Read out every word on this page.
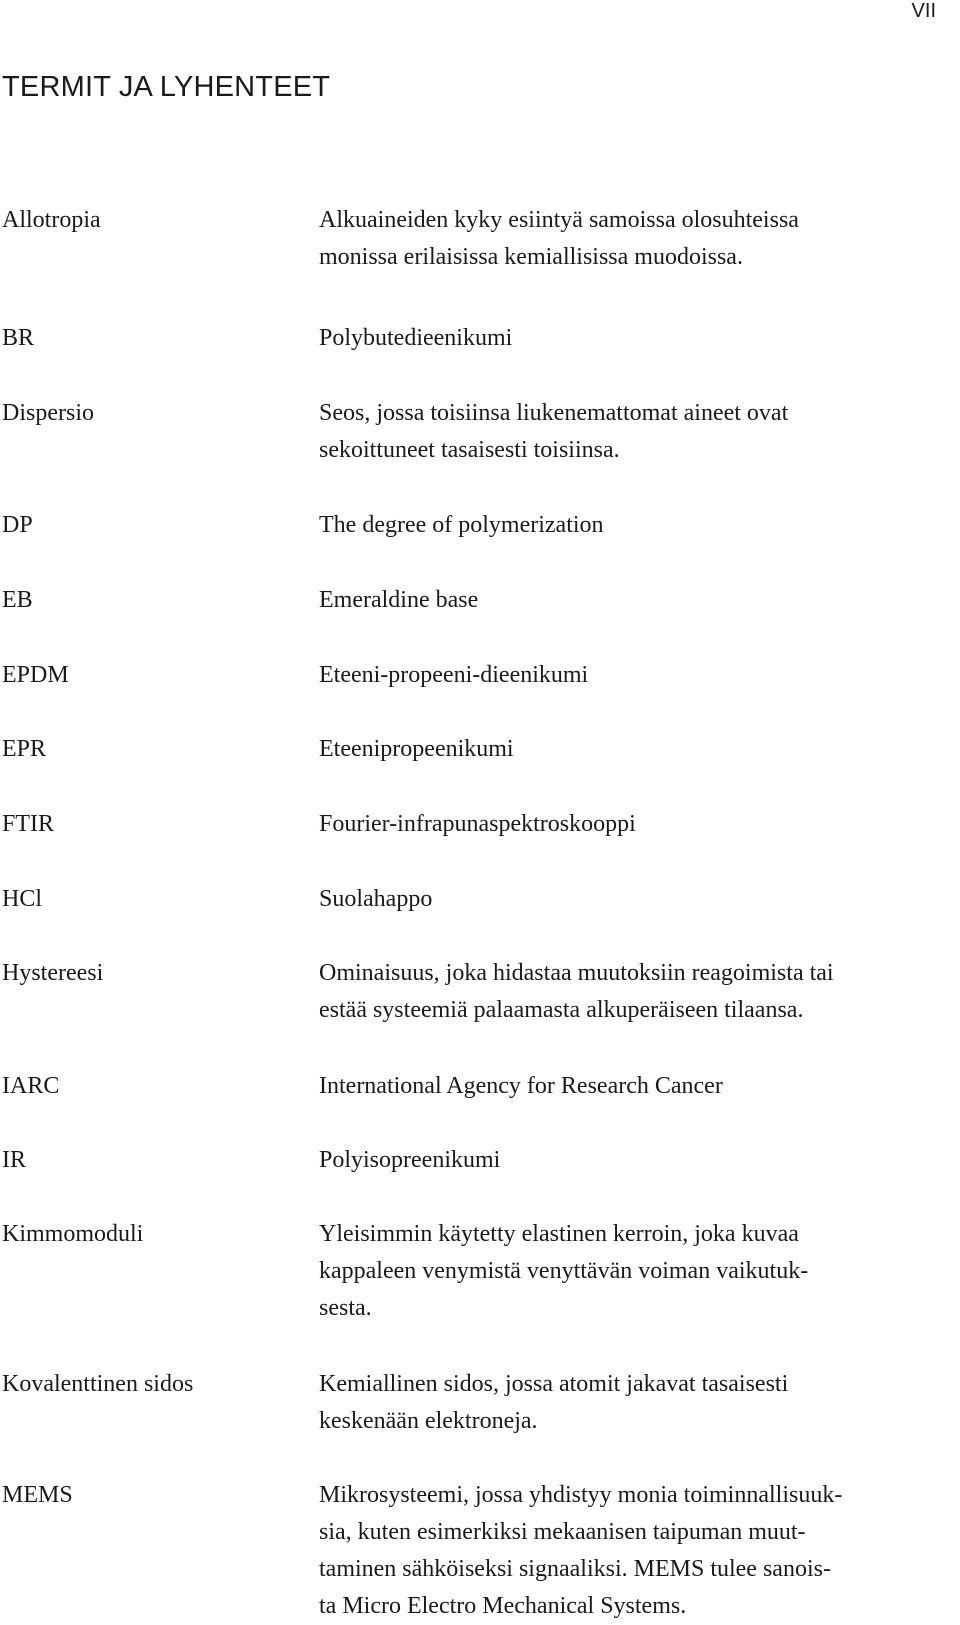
VII
TERMIT JA LYHENTEET
Allotropia	Alkuaineiden kyky esiintyä samoissa olosuhteissa
monissa erilaisissa kemiallisissa muodoissa.
BR	Polybutedieenikumi
Dispersio	Seos, jossa toisiinsa liukenemattomat aineet ovat
sekoittuneet tasaisesti toisiinsa.
DP	The degree of polymerization
EB	Emeraldine base
EPDM	Eteeni-propeeni-dieenikumi
EPR	Eteenipropeenikumi
FTIR	Fourier-infrapunaspektroskooppi
HCl	Suolahappo
Hystereesi	Ominaisuus, joka hidastaa muutoksiin reagoimista tai
estää systeemiä palaamasta alkuperäiseen tilaansa.
IARC	International Agency for Research Cancer
IR	Polyisopreenikumi
Kimmomoduli	Yleisimmin käytetty elastinen kerroin, joka kuvaa
kappaleen venymistä venyttävän voiman vaikutuk-
sesta.
Kovalenttinen sidos	Kemiallinen sidos, jossa atomit jakavat tasaisesti
keskenään elektroneja.
MEMS	Mikrosysteemi, jossa yhdistyy monia toiminnallisuuk-
sia, kuten esimerkiksi mekaanisen taipuman muut-
taminen sähköiseksi signaaliksi. MEMS tulee sanois-
ta Micro Electro Mechanical Systems.
